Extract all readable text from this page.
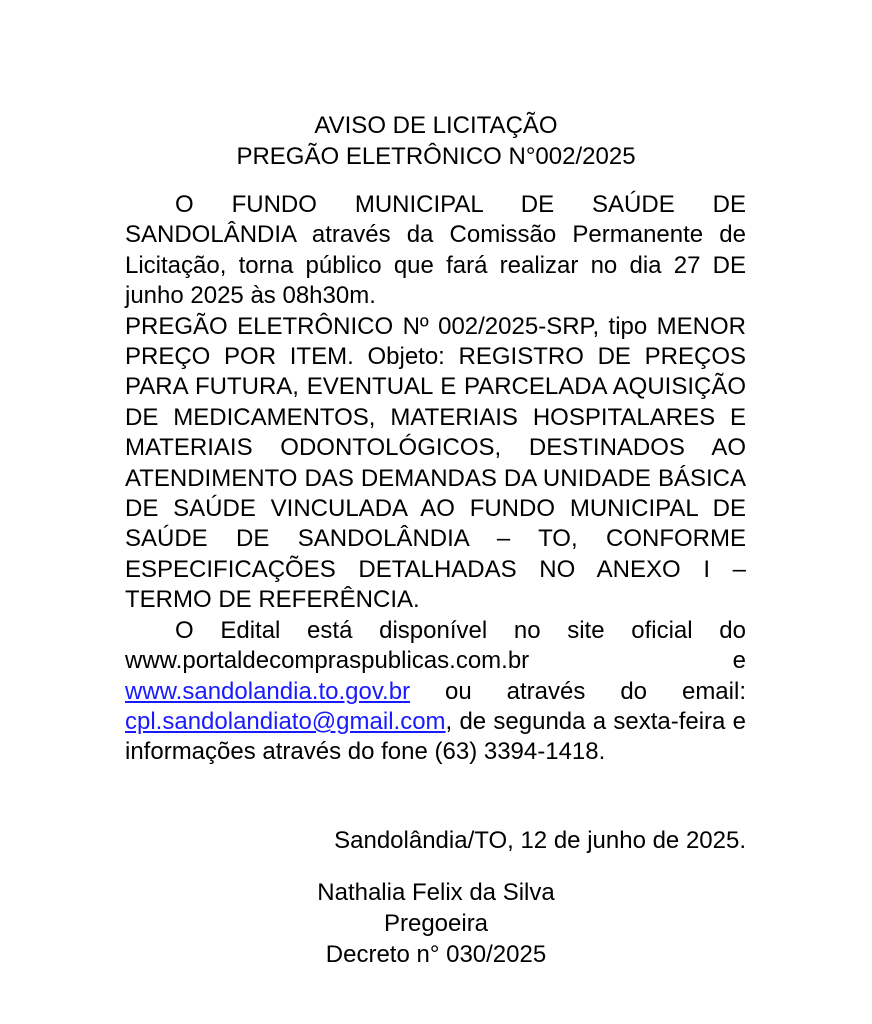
AVISO DE LICITAÇÃO
PREGÃO ELETRÔNICO N°002/2025

O FUNDO MUNICIPAL DE SAÚDE DE SANDOLÂNDIA através da Comissão Permanente de Licitação, torna público que fará realizar no dia 27 DE junho 2025 às 08h30m.

PREGÃO ELETRÔNICO Nº 002/2025-SRP, tipo MENOR PREÇO POR ITEM. Objeto: REGISTRO DE PREÇOS PARA FUTURA, EVENTUAL E PARCELADA AQUISIÇÃO DE MEDICAMENTOS, MATERIAIS HOSPITALARES E MATERIAIS ODONTOLÓGICOS, DESTINADOS AO ATENDIMENTO DAS DEMANDAS DA UNIDADE BÁSICA DE SAÚDE VINCULADA AO FUNDO MUNICIPAL DE SAÚDE DE SANDOLÂNDIA – TO, CONFORME ESPECIFICAÇÕES DETALHADAS NO ANEXO I – TERMO DE REFERÊNCIA.

O Edital está disponível no site oficial do www.portaldecompraspublicas.com.br	e www.sandolandia.to.gov.br ou através do email: cpl.sandolandiato@gmail.com, de segunda a sexta-feira e informações através do fone (63) 3394-1418.

Sandolândia/TO, 12 de junho de 2025.
Nathalia Felix da Silva
Pregoeira
Decreto n° 030/2025
